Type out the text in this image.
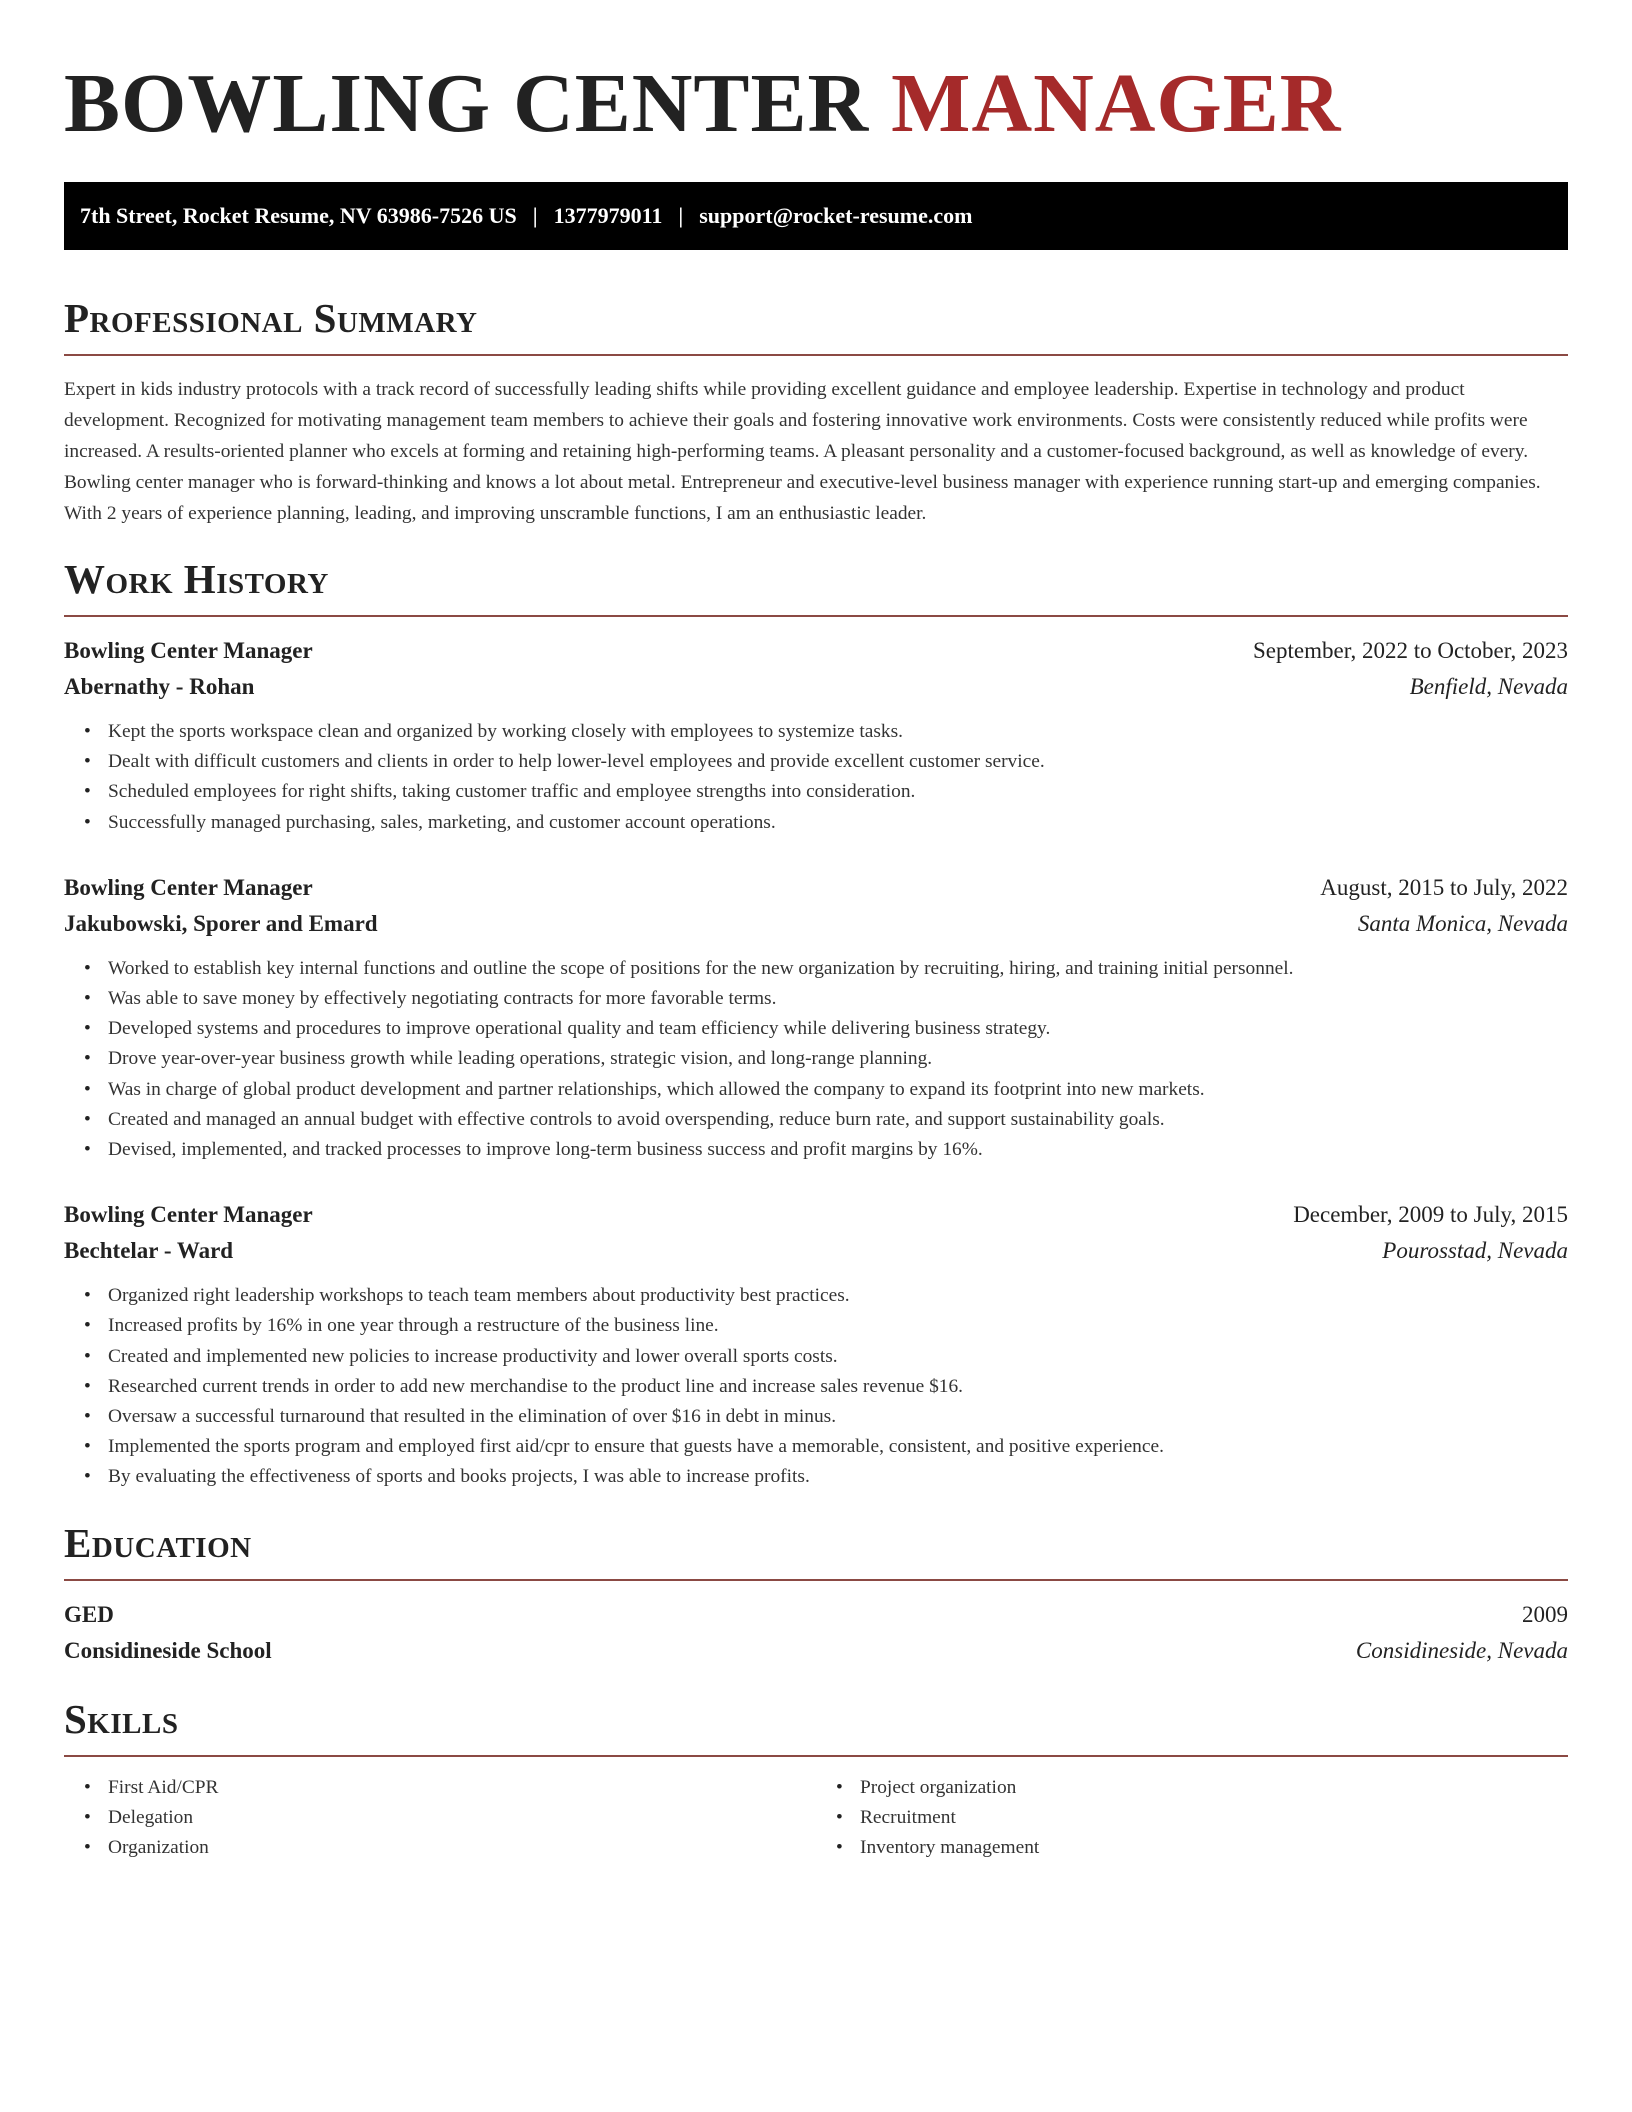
BOWLING CENTER MANAGER
7th Street, Rocket Resume, NV 63986-7526 US | 1377979011 | support@rocket-resume.com
Professional Summary

Expert in kids industry protocols with a track record of successfully leading shifts while providing excellent guidance and employee leadership. Expertise in technology and product development. Recognized for motivating management team members to achieve their goals and fostering innovative work environments. Costs were consistently reduced while profits were increased. A results-oriented planner who excels at forming and retaining high-performing teams. A pleasant personality and a customer-focused background, as well as knowledge of every. Bowling center manager who is forward-thinking and knows a lot about metal. Entrepreneur and executive-level business manager with experience running start-up and emerging companies. With 2 years of experience planning, leading, and improving unscramble functions, I am an enthusiastic leader.

Work History
Bowling Center Manager	September, 2022 to October, 2023
Abernathy - Rohan	Benfield, Nevada
• Kept the sports workspace clean and organized by working closely with employees to systemize tasks.
• Dealt with difficult customers and clients in order to help lower-level employees and provide excellent customer service.
• Scheduled employees for right shifts, taking customer traffic and employee strengths into consideration.
• Successfully managed purchasing, sales, marketing, and customer account operations.
Bowling Center Manager	August, 2015 to July, 2022
Jakubowski, Sporer and Emard	Santa Monica, Nevada
• Worked to establish key internal functions and outline the scope of positions for the new organization by recruiting, hiring, and training initial personnel.
• Was able to save money by effectively negotiating contracts for more favorable terms.
• Developed systems and procedures to improve operational quality and team efficiency while delivering business strategy.
• Drove year-over-year business growth while leading operations, strategic vision, and long-range planning.
• Was in charge of global product development and partner relationships, which allowed the company to expand its footprint into new markets.
• Created and managed an annual budget with effective controls to avoid overspending, reduce burn rate, and support sustainability goals.
• Devised, implemented, and tracked processes to improve long-term business success and profit margins by 16%.
Bowling Center Manager	December, 2009 to July, 2015
Bechtelar - Ward	Pourosstad, Nevada
• Organized right leadership workshops to teach team members about productivity best practices.
• Increased profits by 16% in one year through a restructure of the business line.
• Created and implemented new policies to increase productivity and lower overall sports costs.
• Researched current trends in order to add new merchandise to the product line and increase sales revenue $16.
• Oversaw a successful turnaround that resulted in the elimination of over $16 in debt in minus.
• Implemented the sports program and employed first aid/cpr to ensure that guests have a memorable, consistent, and positive experience.
• By evaluating the effectiveness of sports and books projects, I was able to increase profits.
Education
GED	2009
Considineside School	Considineside, Nevada
Skills
• First Aid/CPR
• Delegation
• Organization
• Project organization
• Recruitment
• Inventory management
